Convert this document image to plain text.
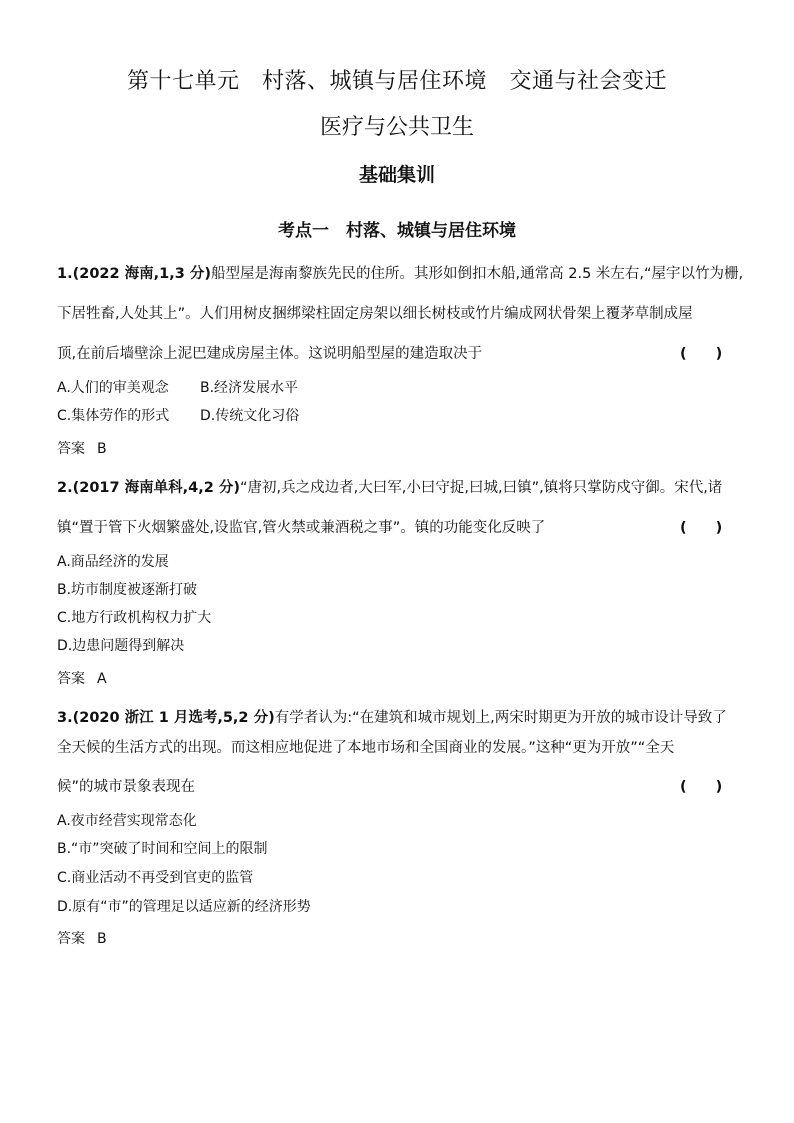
第十七单元　村落、城镇与居住环境　交通与社会变迁
医疗与公共卫生
基础集训
考点一　村落、城镇与居住环境
1.(2022 海南,1,3 分)船型屋是海南黎族先民的住所。其形如倒扣木船,通常高 2.5 米左右,“屋宇以竹为栅,
下居牲畜,人处其上”。人们用树皮捆绑梁柱固定房架以细长树枝或竹片编成网状骨架上覆茅草制成屋
顶,在前后墙壁涂上泥巴建成房屋主体。这说明船型屋的建造取决于	(　　)
A.人们的审美观念 B.经济发展水平
C.集体劳作的形式 D.传统文化习俗
答案 B
2.(2017 海南单科,4,2 分)“唐初,兵之戍边者,大曰军,小曰守捉,曰城,曰镇”,镇将只掌防戍守御。宋代,诸
镇“置于管下火烟繁盛处,设监官,管火禁或兼酒税之事”。镇的功能变化反映了	(　　)
A.商品经济的发展
B.坊市制度被逐渐打破
C.地方行政机构权力扩大
D.边患问题得到解决
答案 A
3.(2020 浙江 1 月选考,5,2 分)有学者认为:“在建筑和城市规划上,两宋时期更为开放的城市设计导致了
全天候的生活方式的出现。而这相应地促进了本地市场和全国商业的发展。”这种“更为开放”“全天
候”的城市景象表现在	(　　)
A.夜市经营实现常态化
B.“市”突破了时间和空间上的限制
C.商业活动不再受到官吏的监管
D.原有“市”的管理足以适应新的经济形势
答案 B
